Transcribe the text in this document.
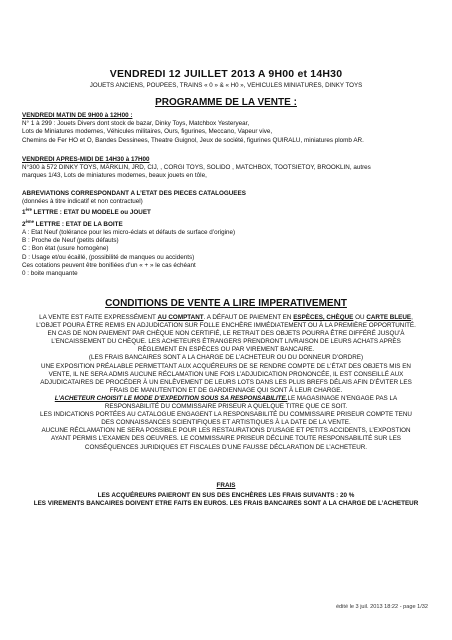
VENDREDI 12 JUILLET 2013 A 9H00 et 14H30
JOUETS ANCIENS, POUPEES, TRAINS « 0 » & « H0 », VEHICULES MINIATURES, DINKY TOYS
PROGRAMME DE LA VENTE :

VENDREDI MATIN DE 9H00 à 12H00 :

N° 1 à 299 : Jouets Divers dont stock de bazar, Dinky Toys, Matchbox Yesteryear,

Lots de Miniatures modernes, Véhicules militaires, Ours, figurines, Meccano, Vapeur vive,

Chemins de Fer HO et O, Bandes Dessinees, Theatre Guignol, Jeux de société, figurines QUIRALU, miniatures plomb AR.

VENDREDI APRES-MIDI DE 14H30 à 17H00

N°300 à 572 DINKY TOYS, MÄRKLIN, JRD, CIJ, , CORGI TOYS, SOLIDO , MATCHBOX, TOOTSIETOY, BROOKLIN, autres

marques 1/43, Lots de miniatures modernes, beaux jouets en tôle,

ABREVIATIONS CORRESPONDANT A L’ETAT DES PIECES CATALOGUEES

(données à titre indicatif et non contractuel)

1ère LETTRE : ETAT DU MODELE ou JOUET

2ème LETTRE : ETAT DE LA BOITE

A : Etat Neuf (tolérance pour les micro-éclats et défauts de surface d’origine)

B : Proche de Neuf (petits défauts)

C : Bon état (usure homogène)

D : Usage et/ou écaillé, (possibilité de manques ou accidents)

Ces cotations peuvent être bonifiées d’un « + » le cas échéant

0 : boite manquante

CONDITIONS DE VENTE A LIRE IMPERATIVEMENT

LA VENTE EST FAITE EXPRESSÉMENT AU COMPTANT. A DÉFAUT DE PAIEMENT EN ESPÈCES, CHÈQUE OU CARTE BLEUE,

L’OBJET POURA ÊTRE REMIS EN ADJUDICATION SUR FOLLE ENCHÈRE IMMÉDIATEMENT OU À LA PREMIÈRE OPPORTUNITÉ.

EN CAS DE NON PAIEMENT PAR CHÈQUE NON CERTIFIÉ, LE RETRAIT DES OBJETS POURRA ÊTRE DIFFÉRÉ JUSQU’À

L’ENCAISSEMENT DU CHÈQUE. LES ACHETEURS ÉTRANGERS PRENDRONT LIVRAISON DE LEURS ACHATS APRÈS

RÈGLEMENT EN ESPÈCES OU PAR VIREMENT BANCAIRE.

(LES FRAIS BANCAIRES SONT A LA CHARGE DE L’ACHETEUR OU DU DONNEUR D’ORDRE)

UNE EXPOSITION PRÉALABLE PERMETTANT AUX ACQUÉREURS DE SE RENDRE COMPTE DE L’ÉTAT DES OBJETS MIS EN

VENTE, IL NE SERA ADMIS AUCUNE RÉCLAMATION UNE FOIS L’ADJUDICATION PRONONCÉE, IL EST CONSEILLÉ AUX

ADJUDICATAIRES DE PROCÉDER À UN ENLÈVEMENT DE LEURS LOTS DANS LES PLUS BREFS DÉLAIS AFIN D’ÉVITER LES

FRAIS DE MANUTENTION ET DE GARDIENNAGE QUI SONT À LEUR CHARGE.

L’ACHETEUR CHOISIT LE MODE D’EXPEDITION SOUS SA RESPONSABILITE.LE MAGASINAGE N’ENGAGE PAS LA

RESPONSABILITÉ DU COMMISSAIRE PRISEUR A QUELQUE TITRE QUE CE SOIT.

LES INDICATIONS PORTÉES AU CATALOGUE ENGAGENT LA RESPONSABILITÉ DU COMMISSAIRE PRISEUR COMPTE TENU

DES CONNAISSANCES SCIENTIFIQUES ET ARTISTIQUES À LA DATE DE LA VENTE.

AUCUNE RÉCLAMATION NE SERA POSSIBLE POUR LES RESTAURATIONS D’USAGE ET PETITS ACCIDENTS, L’EXPOSTION

AYANT PERMIS L’EXAMEN DES OEUVRES. LE COMMISSAIRE PRISEUR DÉCLINE TOUTE RESPONSABILITÉ SUR LES

CONSÉQUENCES JURIDIQUES ET FISCALES D’UNE FAUSSE DÉCLARATION DE L’ACHETEUR.

FRAIS

LES ACQUÉREURS PAIERONT EN SUS DES ENCHÈRES LES FRAIS SUIVANTS : 20 %

LES VIREMENTS BANCAIRES DOIVENT ETRE FAITS EN EUROS. LES FRAIS BANCAIRES SONT A LA CHARGE DE L’ACHETEUR

édité le 3 juil. 2013 18:22 - page 1/32
